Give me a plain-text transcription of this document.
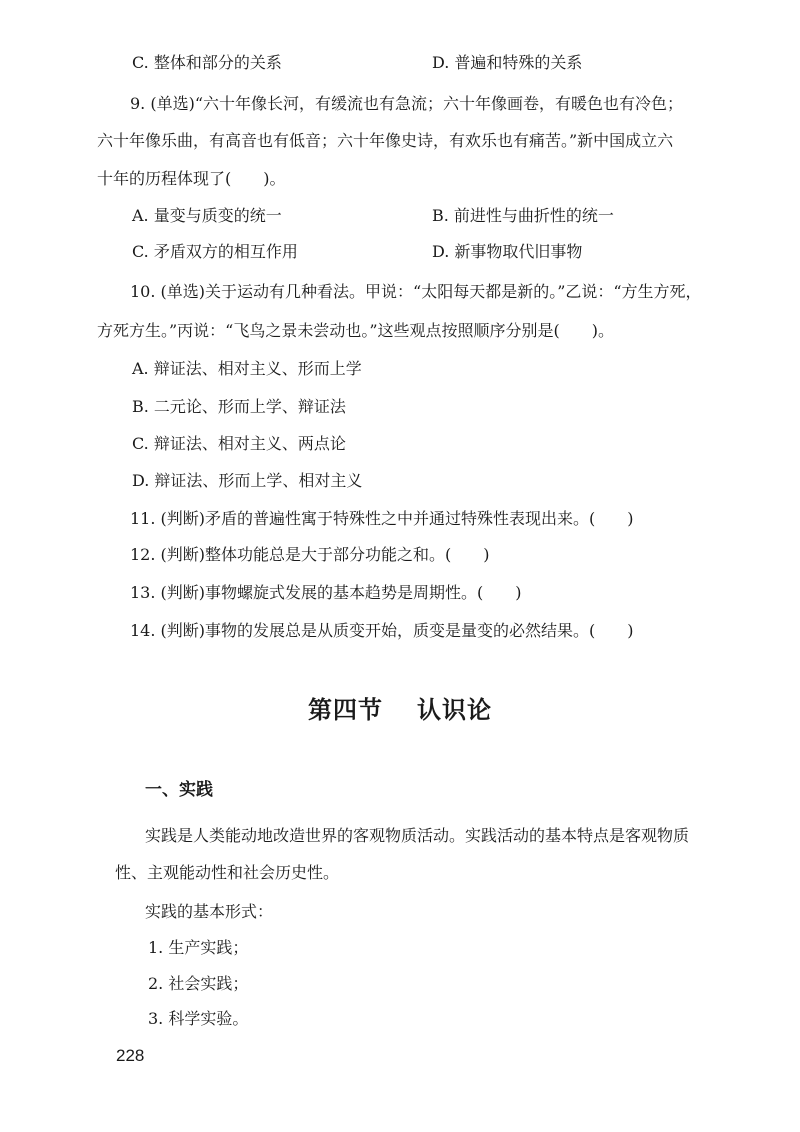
C. 整体和部分的关系	D. 普遍和特殊的关系
9. (单选)“六十年像长河，有缓流也有急流；六十年像画卷，有暖色也有冷色；
六十年像乐曲，有高音也有低音；六十年像史诗，有欢乐也有痛苦。”新中国成立六
十年的历程体现了(　　)。
A. 量变与质变的统一	B. 前进性与曲折性的统一
C. 矛盾双方的相互作用	D. 新事物取代旧事物
10. (单选)关于运动有几种看法。甲说：“太阳每天都是新的。”乙说：“方生方死，
方死方生。”丙说：“飞鸟之景未尝动也。”这些观点按照顺序分别是(　　)。
A. 辩证法、相对主义、形而上学
B. 二元论、形而上学、辩证法
C. 辩证法、相对主义、两点论
D. 辩证法、形而上学、相对主义
11. (判断)矛盾的普遍性寓于特殊性之中并通过特殊性表现出来。(　　)
12. (判断)整体功能总是大于部分功能之和。(　　)
13. (判断)事物螺旋式发展的基本趋势是周期性。(　　)
14. (判断)事物的发展总是从质变开始，质变是量变的必然结果。(　　)
第四节 认识论
一、实践
实践是人类能动地改造世界的客观物质活动。实践活动的基本特点是客观物质
性、主观能动性和社会历史性。
实践的基本形式：
1. 生产实践；
2. 社会实践；
3. 科学实验。
228
